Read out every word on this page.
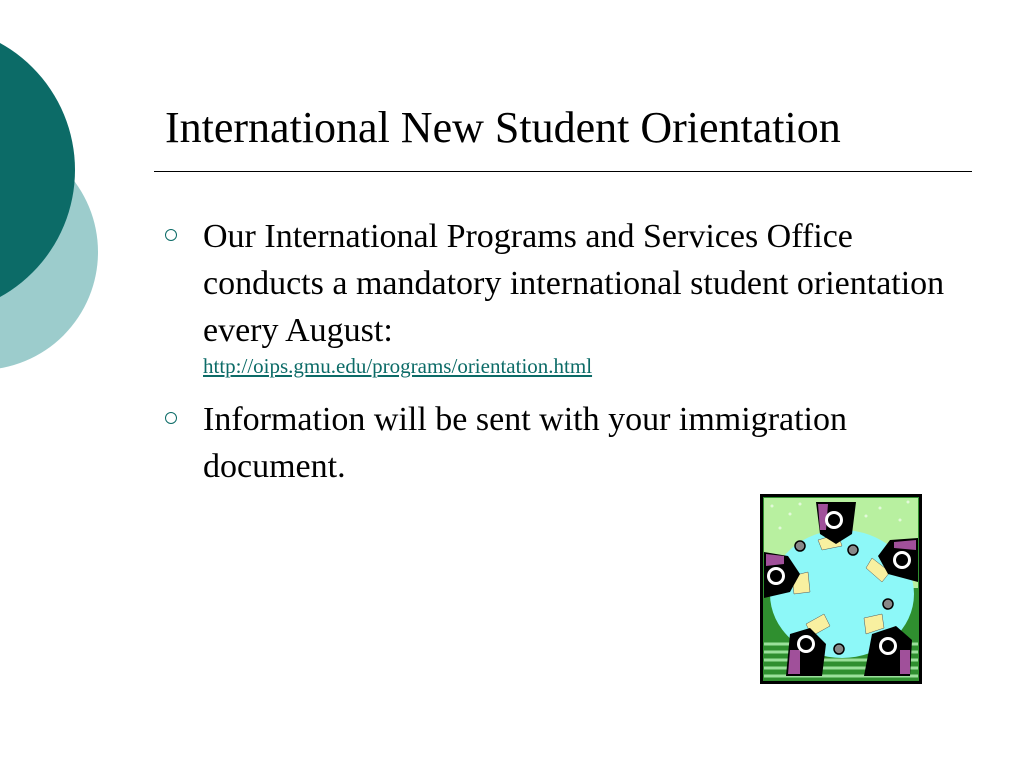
International New Student Orientation
Our International Programs and Services Office conducts a mandatory international student orientation every August:
http://oips.gmu.edu/programs/orientation.html
Information will be sent with your immigration document.
